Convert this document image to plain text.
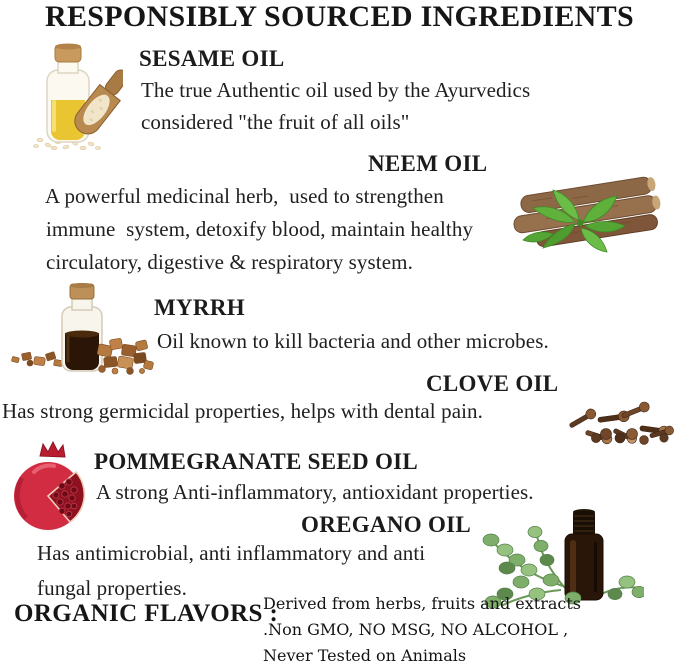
RESPONSIBLY SOURCED INGREDIENTS
SESAME OIL
The true Authentic oil used by the Ayurvedics
considered "the fruit of all oils"
NEEM OIL
A powerful medicinal herb,  used to strengthen
immune  system, detoxify blood, maintain healthy
circulatory, digestive & respiratory system.
MYRRH
Oil known to kill bacteria and other microbes.
CLOVE OIL
Has strong germicidal properties, helps with dental pain.
POMMEGRANATE SEED OIL
A strong Anti-inflammatory, antioxidant properties.
OREGANO OIL
Has antimicrobial, anti inflammatory and anti
fungal properties.
ORGANIC FLAVORS :
Derived from herbs, fruits and extracts
.Non GMO, NO MSG, NO ALCOHOL ,
Never Tested on Animals
